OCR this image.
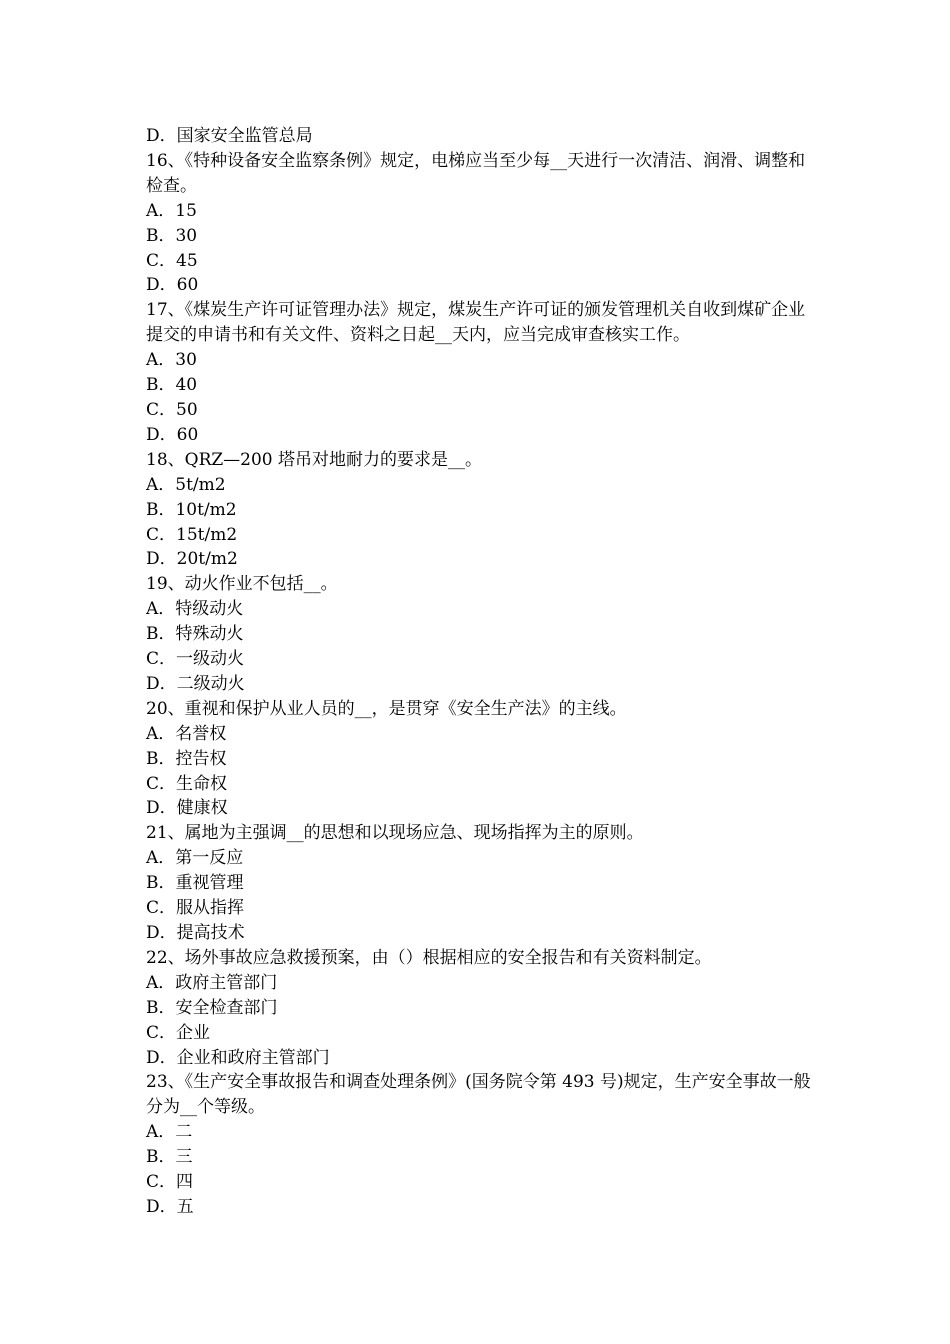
D．国家安全监管总局

16、《特种设备安全监察条例》规定，电梯应当至少每__天进行一次清洁、润滑、调整和检查。

A．15

B．30

C．45

D．60

17、《煤炭生产许可证管理办法》规定，煤炭生产许可证的颁发管理机关自收到煤矿企业提交的申请书和有关文件、资料之日起__天内，应当完成审查核实工作。

A．30

B．40

C．50

D．60

18、QRZ—200 塔吊对地耐力的要求是__。

A．5t/m2

B．10t/m2

C．15t/m2

D．20t/m2

19、动火作业不包括__。

A．特级动火

B．特殊动火

C．一级动火

D．二级动火

20、重视和保护从业人员的__，是贯穿《安全生产法》的主线。

A．名誉权

B．控告权

C．生命权

D．健康权

21、属地为主强调__的思想和以现场应急、现场指挥为主的原则。

A．第一反应

B．重视管理

C．服从指挥

D．提高技术

22、场外事故应急救援预案，由（）根据相应的安全报告和有关资料制定。

A．政府主管部门

B．安全检查部门

C．企业

D．企业和政府主管部门

23、《生产安全事故报告和调查处理条例》(国务院令第 493 号)规定，生产安全事故一般分为__个等级。

A．二

B．三

C．四

D．五
